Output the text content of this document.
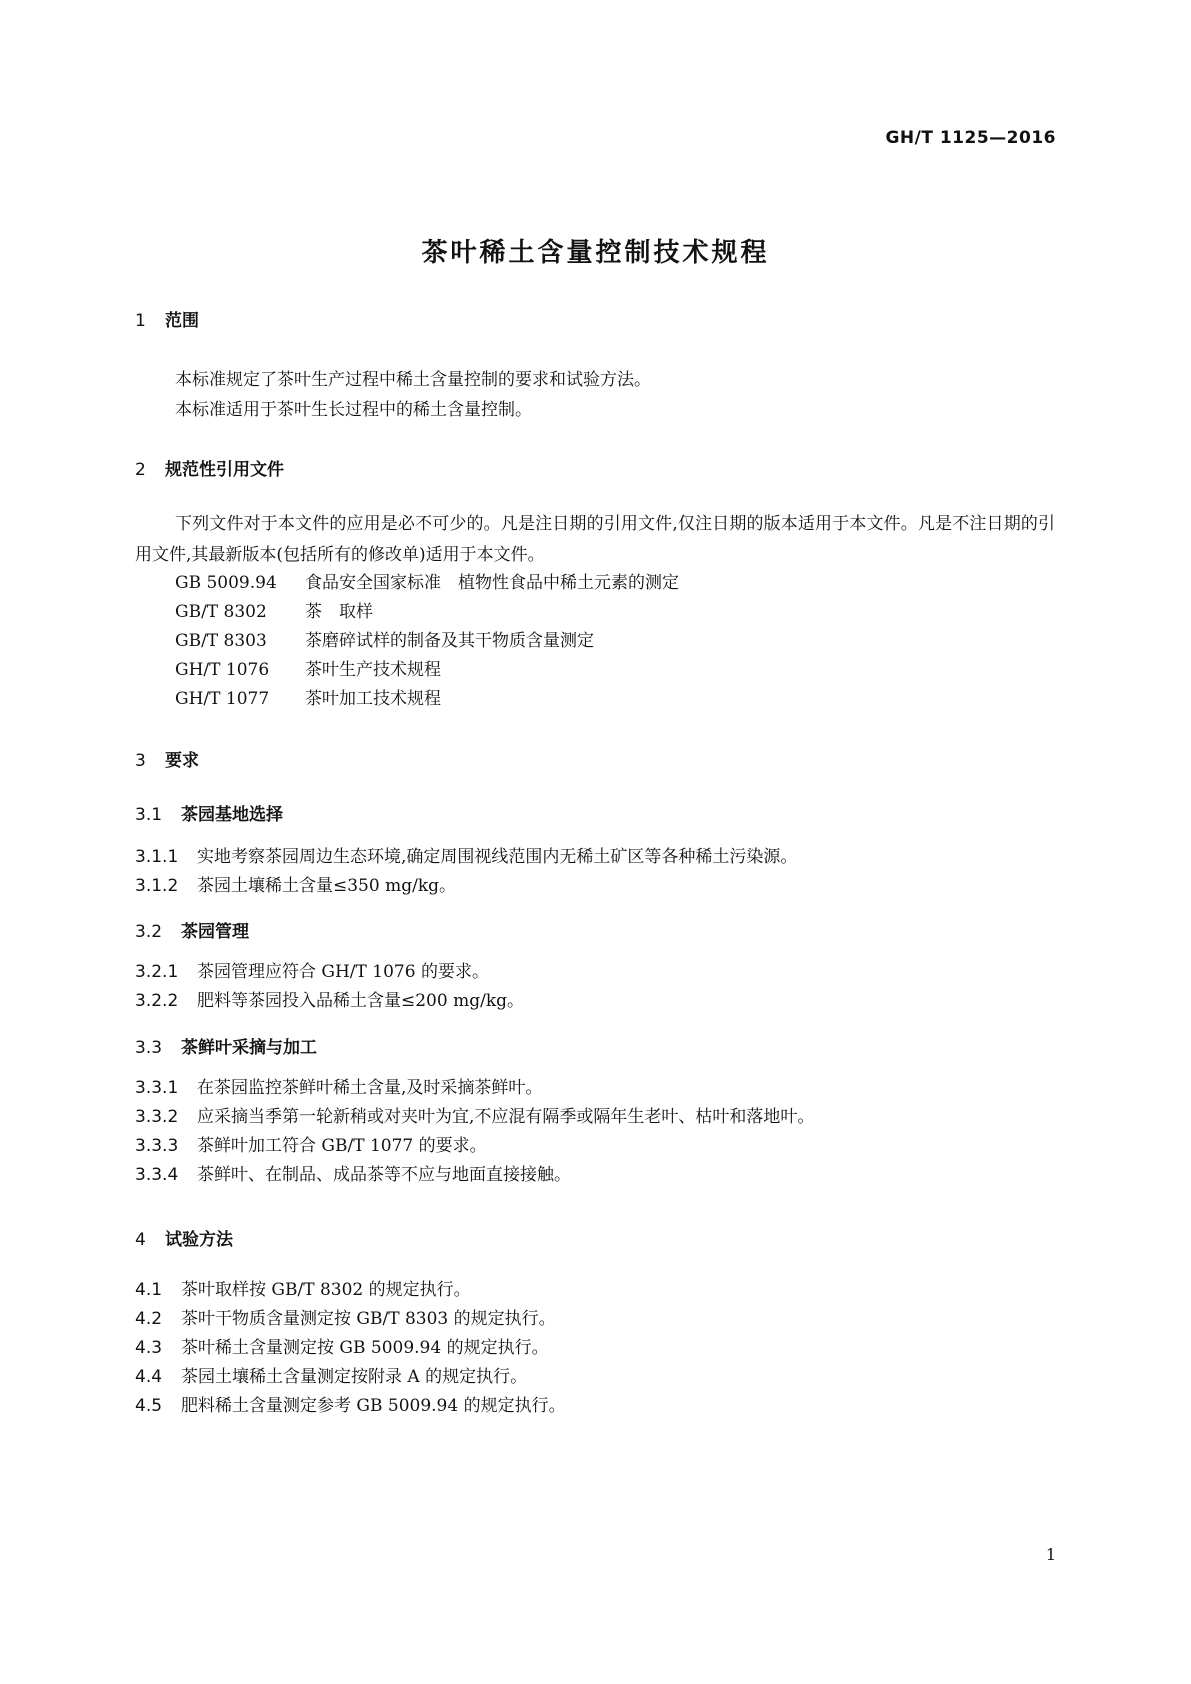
GH/T 1125—2016
茶叶稀土含量控制技术规程
1 范围
本标准规定了茶叶生产过程中稀土含量控制的要求和试验方法。
本标准适用于茶叶生长过程中的稀土含量控制。
2 规范性引用文件
下列文件对于本文件的应用是必不可少的。凡是注日期的引用文件,仅注日期的版本适用于本文件。凡是不注日期的引用文件,其最新版本(包括所有的修改单)适用于本文件。
GB 5009.94 食品安全国家标准　植物性食品中稀土元素的测定
GB/T 8302 茶　取样
GB/T 8303 茶磨碎试样的制备及其干物质含量测定
GH/T 1076 茶叶生产技术规程
GH/T 1077 茶叶加工技术规程
3 要求
3.1 茶园基地选择
3.1.1 实地考察茶园周边生态环境,确定周围视线范围内无稀土矿区等各种稀土污染源。
3.1.2 茶园土壤稀土含量≤350 mg/kg。
3.2 茶园管理
3.2.1 茶园管理应符合 GH/T 1076 的要求。
3.2.2 肥料等茶园投入品稀土含量≤200 mg/kg。
3.3 茶鲜叶采摘与加工
3.3.1 在茶园监控茶鲜叶稀土含量,及时采摘茶鲜叶。
3.3.2 应采摘当季第一轮新稍或对夹叶为宜,不应混有隔季或隔年生老叶、枯叶和落地叶。
3.3.3 茶鲜叶加工符合 GB/T 1077 的要求。
3.3.4 茶鲜叶、在制品、成品茶等不应与地面直接接触。
4 试验方法
4.1 茶叶取样按 GB/T 8302 的规定执行。
4.2 茶叶干物质含量测定按 GB/T 8303 的规定执行。
4.3 茶叶稀土含量测定按 GB 5009.94 的规定执行。
4.4 茶园土壤稀土含量测定按附录 A 的规定执行。
4.5 肥料稀土含量测定参考 GB 5009.94 的规定执行。
1
